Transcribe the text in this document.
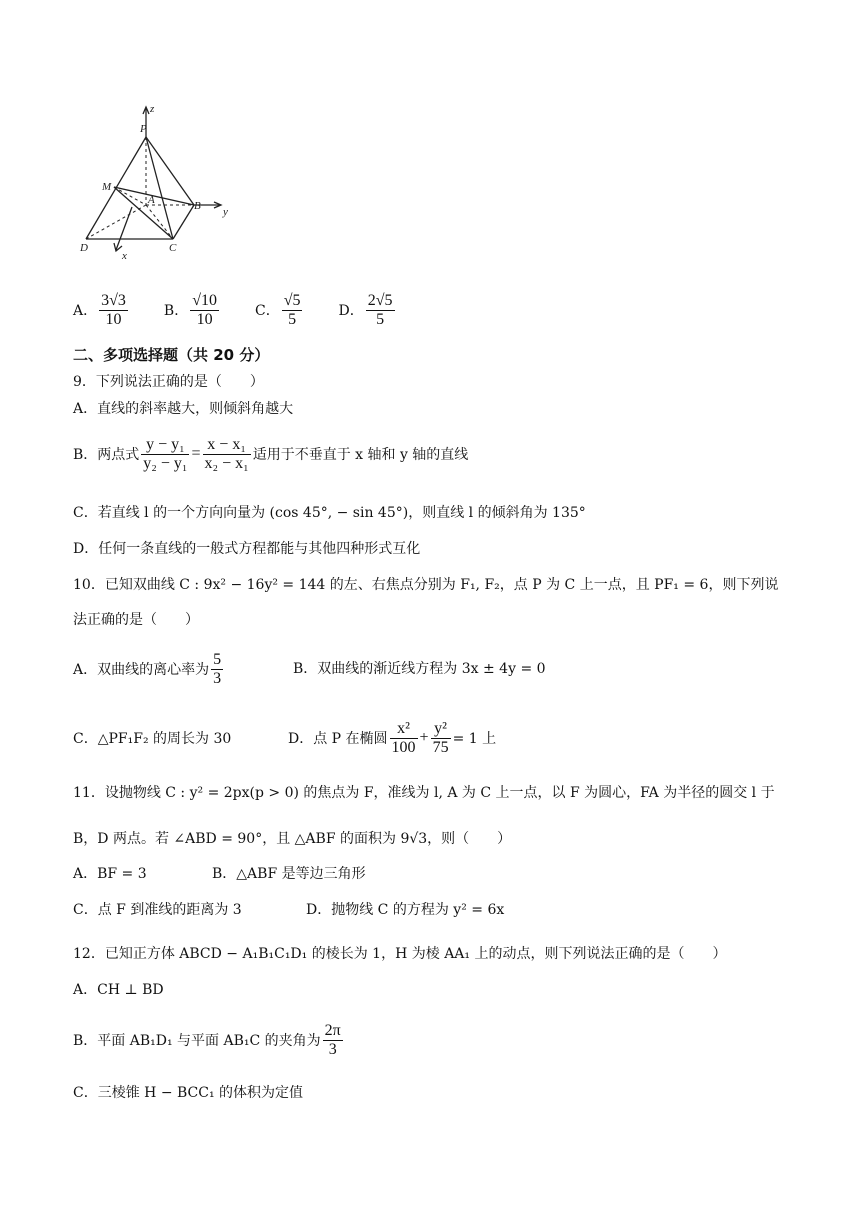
z
P
M
A	B y
D	C
x
A． $\frac{3√3}{10}$	B． $\frac{√10}{10}$	C． $\frac{√5}{5}$	D． $\frac{2√5}{5}$
二、多项选择题（共 20 分）
9．下列说法正确的是（　　）
A．直线的斜率越大，则倾斜角越大
B．两点式 $\frac{\text{y − y₁}}{\text{y₂ − y₁}} = \frac{\text{x − x₁}}{\text{x₂ − x₁}}$ 适用于不垂直于 x 轴和 y 轴的直线
C．若直线 l 的一个方向向量为 (cos 45°, − sin 45°)，则直线 l 的倾斜角为 135°
D．任何一条直线的一般式方程都能与其他四种形式互化
10．已知双曲线 C : 9x² − 16y² = 144 的左、右焦点分别为 F₁, F₂，点 P 为 C 上一点，且 PF₁ = 6，则下列说
法正确的是（　　）
A．双曲线的离心率为 $\frac{5}{3}$	B．双曲线的渐近线方程为 3x ± 4y = 0
C．△PF₁F₂ 的周长为 30	D．点 P 在椭圆 $\frac{\text{x²}}{100} + \frac{\text{y²}}{75} = 1$ 上
11．设抛物线 C : y² = 2px(p > 0) 的焦点为 F，准线为 l, A 为 C 上一点，以 F 为圆心，FA 为半径的圆交 l 于
B，D 两点。若 ∠ABD = 90°，且 △ABF 的面积为 9√3，则（　　）
A．BF = 3	B．△ABF 是等边三角形
C．点 F 到准线的距离为 3	D．抛物线 C 的方程为 y² = 6x
12．已知正方体 ABCD − A₁B₁C₁D₁ 的棱长为 1，H 为棱 AA₁ 上的动点，则下列说法正确的是（　　）
A．CH ⊥ BD
B．平面 AB₁D₁ 与平面 AB₁C 的夹角为 $\frac{2\pi}{3}$
C．三棱锥 H − BCC₁ 的体积为定值
